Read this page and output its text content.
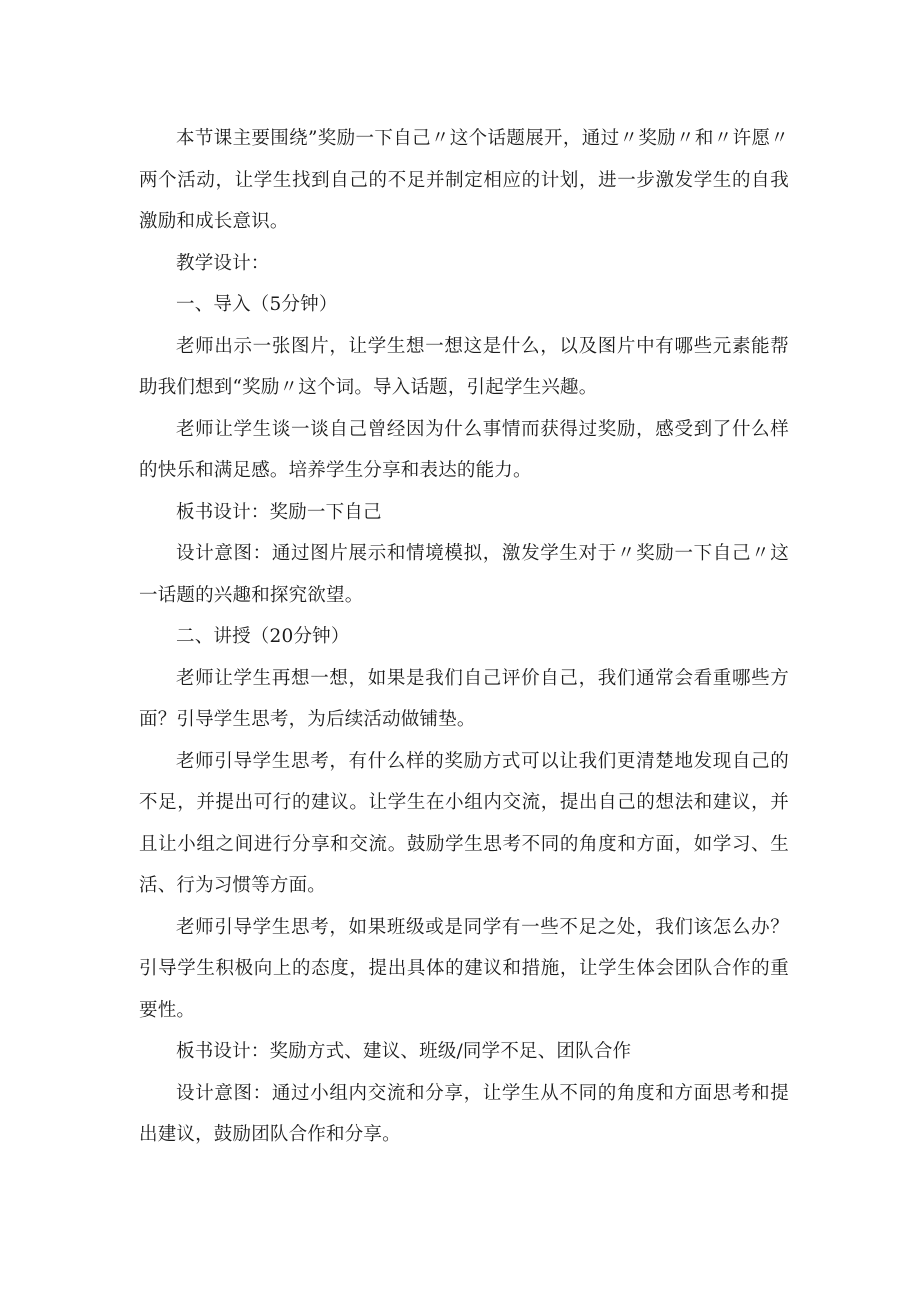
本节课主要围绕”奖励一下自己〃这个话题展开，通过〃奖励〃和〃许愿〃两个活动，让学生找到自己的不足并制定相应的计划，进一步激发学生的自我激励和成长意识。

教学设计：

一、导入（5分钟）

老师出示一张图片，让学生想一想这是什么，以及图片中有哪些元素能帮助我们想到“奖励〃这个词。导入话题，引起学生兴趣。

老师让学生谈一谈自己曾经因为什么事情而获得过奖励，感受到了什么样的快乐和满足感。培养学生分享和表达的能力。

板书设计：奖励一下自己

设计意图：通过图片展示和情境模拟，激发学生对于〃奖励一下自己〃这一话题的兴趣和探究欲望。

二、讲授（20分钟）

老师让学生再想一想，如果是我们自己评价自己，我们通常会看重哪些方面？引导学生思考，为后续活动做铺垫。

老师引导学生思考，有什么样的奖励方式可以让我们更清楚地发现自己的不足，并提出可行的建议。让学生在小组内交流，提出自己的想法和建议，并且让小组之间进行分享和交流。鼓励学生思考不同的角度和方面，如学习、生活、行为习惯等方面。

老师引导学生思考，如果班级或是同学有一些不足之处，我们该怎么办？引导学生积极向上的态度，提出具体的建议和措施，让学生体会团队合作的重要性。

板书设计：奖励方式、建议、班级/同学不足、团队合作

设计意图：通过小组内交流和分享，让学生从不同的角度和方面思考和提出建议，鼓励团队合作和分享。
